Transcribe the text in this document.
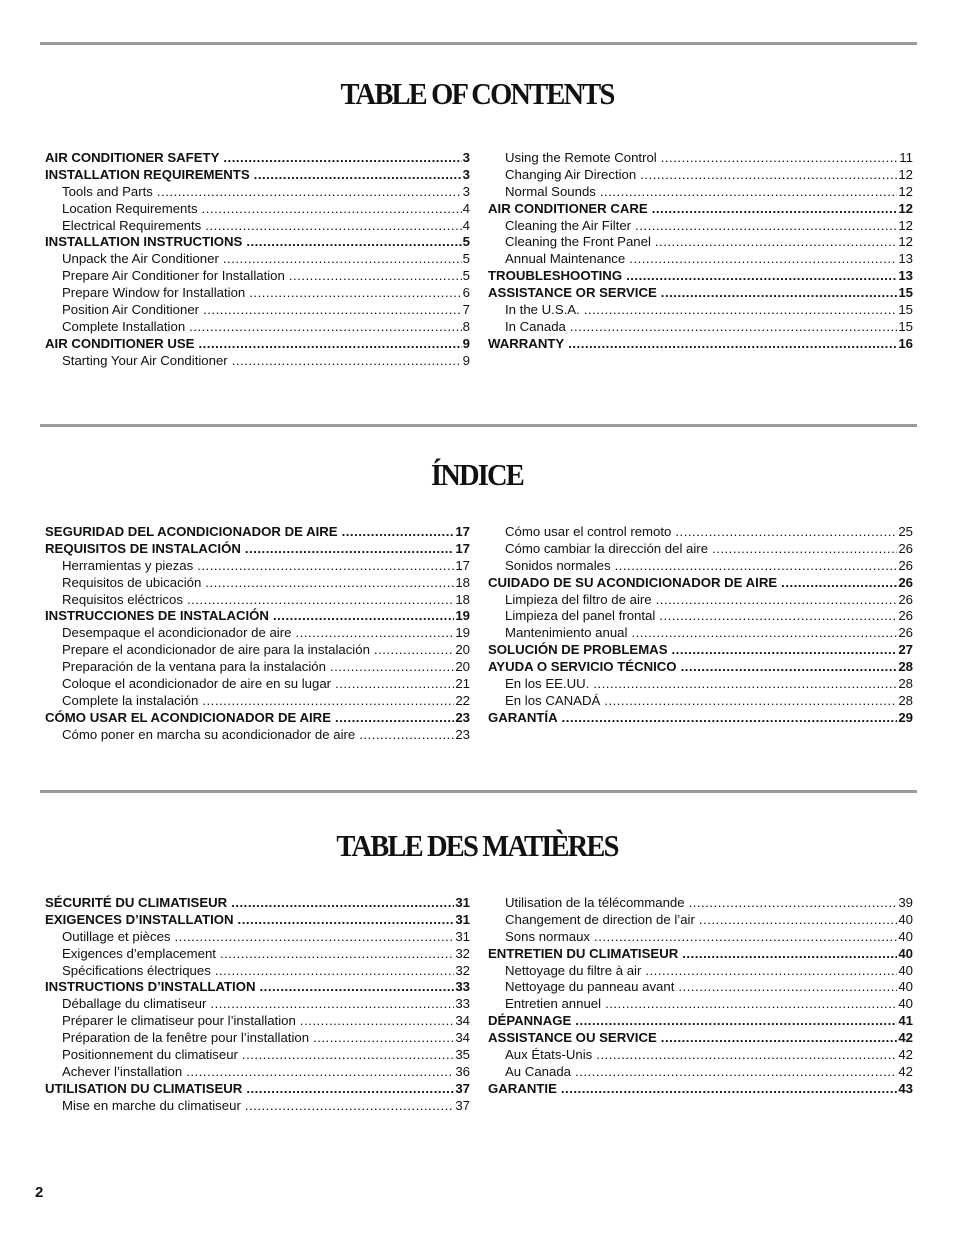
TABLE OF CONTENTS
AIR CONDITIONER SAFETY .....	3
INSTALLATION REQUIREMENTS .....	3
Tools and Parts .....	3
Location Requirements .....	4
Electrical Requirements .....	4
INSTALLATION INSTRUCTIONS .....	5
Unpack the Air Conditioner .....	5
Prepare Air Conditioner for Installation .....	5
Prepare Window for Installation .....	6
Position Air Conditioner .....	7
Complete Installation .....	8
AIR CONDITIONER USE .....	9
Starting Your Air Conditioner .....	9
Using the Remote Control .....	11
Changing Air Direction .....	12
Normal Sounds .....	12
AIR CONDITIONER CARE .....	12
Cleaning the Air Filter .....	12
Cleaning the Front Panel .....	12
Annual Maintenance .....	13
TROUBLESHOOTING .....	13
ASSISTANCE OR SERVICE .....	15
In the U.S.A. .....	15
In Canada .....	15
WARRANTY .....	16
ÍNDICE
SEGURIDAD DEL ACONDICIONADOR DE AIRE .....	17
REQUISITOS DE INSTALACIÓN .....	17
Herramientas y piezas .....	17
Requisitos de ubicación .....	18
Requisitos eléctricos .....	18
INSTRUCCIONES DE INSTALACIÓN .....	19
Desempaque el acondicionador de aire .....	19
Prepare el acondicionador de aire para la instalación .....	20
Preparación de la ventana para la instalación .....	20
Coloque el acondicionador de aire en su lugar .....	21
Complete la instalación .....	22
CÓMO USAR EL ACONDICIONADOR DE AIRE .....	23
Cómo poner en marcha su acondicionador de aire .....	23
Cómo usar el control remoto .....	25
Cómo cambiar la dirección del aire .....	26
Sonidos normales .....	26
CUIDADO DE SU ACONDICIONADOR DE AIRE .....	26
Limpieza del filtro de aire .....	26
Limpieza del panel frontal .....	26
Mantenimiento anual .....	26
SOLUCIÓN DE PROBLEMAS .....	27
AYUDA O SERVICIO TÉCNICO .....	28
En los EE.UU. .....	28
En los CANADÁ .....	28
GARANTÍA .....	29
TABLE DES MATIÈRES
SÉCURITÉ DU CLIMATISEUR .....	31
EXIGENCES D’INSTALLATION .....	31
Outillage et pièces .....	31
Exigences d’emplacement .....	32
Spécifications électriques .....	32
INSTRUCTIONS D’INSTALLATION .....	33
Déballage du climatiseur .....	33
Préparer le climatiseur pour l’installation .....	34
Préparation de la fenêtre pour l’installation .....	34
Positionnement du climatiseur .....	35
Achever l’installation .....	36
UTILISATION DU CLIMATISEUR .....	37
Mise en marche du climatiseur .....	37
Utilisation de la télécommande .....	39
Changement de direction de l’air .....	40
Sons normaux .....	40
ENTRETIEN DU CLIMATISEUR .....	40
Nettoyage du filtre à air .....	40
Nettoyage du panneau avant .....	40
Entretien annuel .....	40
DÉPANNAGE .....	41
ASSISTANCE OU SERVICE .....	42
Aux États-Unis .....	42
Au Canada .....	42
GARANTIE .....	43
2
